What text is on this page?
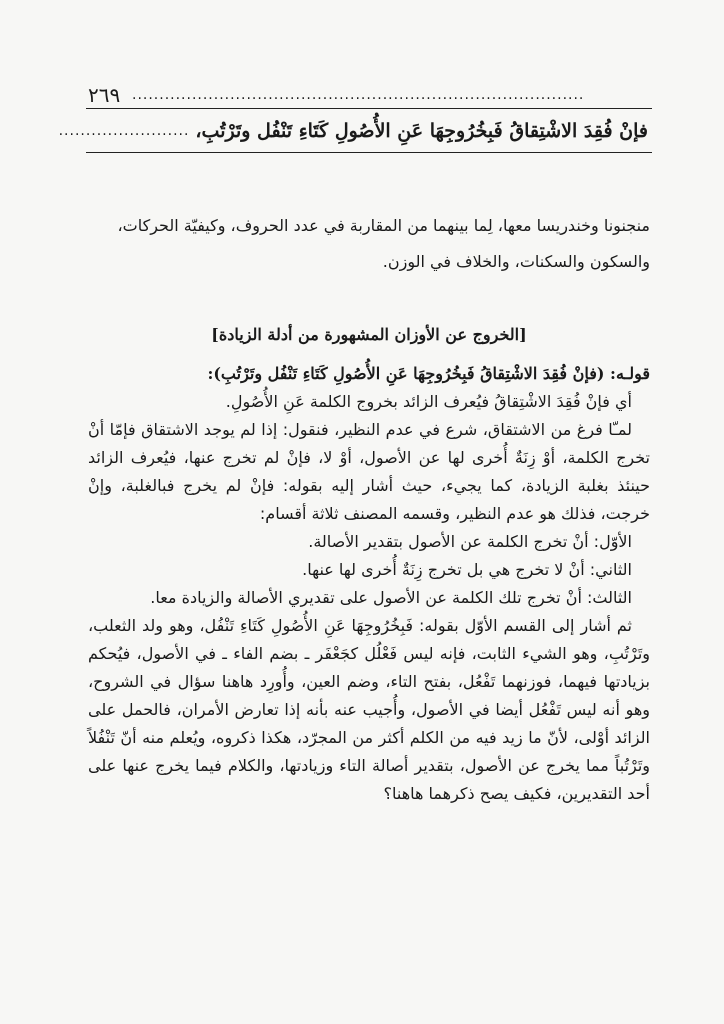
٢٦٩ ...................................................................................
فإنْ فُقِدَ الاشْتِقاقُ فَبِخُرُوجِهَا عَنِ الأُصُولِ كَتَاءِ تَنْفُل وتَرْتُبِ،
........................

منجنونا وخندريسا معها، لِما بينهما من المقاربة في عدد الحروف، وكيفيّة الحركات،

والسكون والسكنات، والخلاف في الوزن.

[الخروج عن الأوزان المشهورة من أدلة الزيادة]

قولـه: (فإنْ فُقِدَ الاشْتِقاقُ فَبِخُرُوجِهَا عَنِ الأُصُولِ كَتَاءِ تَنْفُل وتَرْتُبِ):

أي فإنْ فُقِدَ الاشْتِقاقُ فيُعرف الزائد بخروج الكلمة عَنِ الأُصُولِ.

لمـّا فرغ من الاشتقاق، شرع في عدم النظير، فنقول: إذا لم يوجد الاشتقاق فإمّا أنْ تخرج الكلمة، أوْ زِنَةٌ أُخرى لها عن الأصول، أوْ لا، فإنْ لم تخرج عنها، فيُعرف الزائد حينئذ بغلبة الزيادة، كما يجيء، حيث أشار إليه بقوله: فإنْ لم يخرج فبالغلبة، وإنْ خرجت، فذلك هو عدم النظير، وقسمه المصنف ثلاثة أقسام:

الأوّل: أنْ تخرج الكلمة عن الأصول بتقدير الأصالة.

الثاني: أنْ لا تخرج هي بل تخرج زِنَةٌ أُخرى لها عنها.

الثالث: أنْ تخرج تلك الكلمة عن الأصول على تقديري الأصالة والزيادة معا.

ثم أشار إلى القسم الأوّل بقوله: فَبِخُرُوجِهَا عَنِ الأُصُولِ كَتَاءِ تَنْفُل، وهو ولد الثعلب، وتَرْتُبِ، وهو الشيء الثابت، فإنه ليس فَعْلُل كجَعْفَر ـ بضم الفاء ـ في الأصول، فيُحكم بزيادتها فيهما، فوزنهما تَفْعُل، بفتح التاء، وضم العين، وأُورِد هاهنا سؤال في الشروح، وهو أنه ليس تَفْعُل أيضا في الأصول، وأُجيب عنه بأنه إذا تعارض الأمران، فالحمل على الزائد أوْلى، لأنّ ما زيد فيه من الكلم أكثر من المجرّد، هكذا ذكروه، ويُعلم منه أنّ تَنْفُلاً وتَرْتُباً مما يخرج عن الأصول، بتقدير أصالة التاء وزيادتها، والكلام فيما يخرج عنها على أحد التقديرين، فكيف يصح ذكرهما هاهنا؟
